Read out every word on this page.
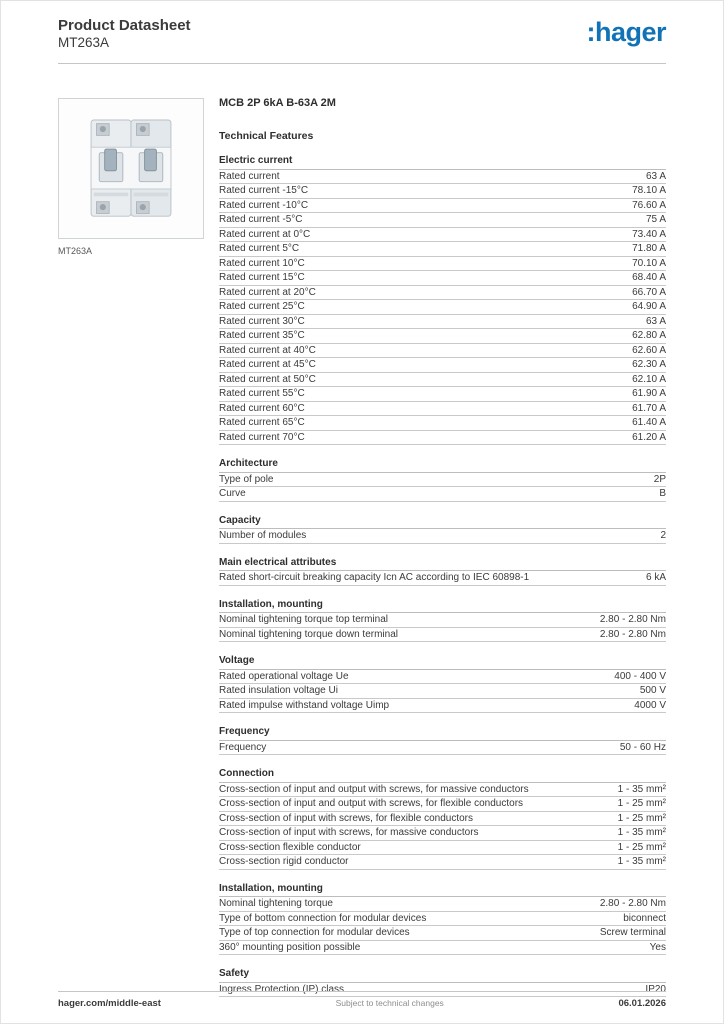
Product Datasheet
MT263A	:hager
MT263A
MCB 2P 6kA B-63A 2M
Technical Features
Electric current
Rated current	63 A
Rated current -15°C	78.10 A
Rated current -10°C	76.60 A
Rated current -5°C	75 A
Rated current at 0°C	73.40 A
Rated current 5°C	71.80 A
Rated current 10°C	70.10 A
Rated current 15°C	68.40 A
Rated current at 20°C	66.70 A
Rated current 25°C	64.90 A
Rated current 30°C	63 A
Rated current 35°C	62.80 A
Rated current at 40°C	62.60 A
Rated current at 45°C	62.30 A
Rated current at 50°C	62.10 A
Rated current 55°C	61.90 A
Rated current 60°C	61.70 A
Rated current 65°C	61.40 A
Rated current 70°C	61.20 A
Architecture
Type of pole	2P
Curve	B
Capacity
Number of modules	2
Main electrical attributes
Rated short-circuit breaking capacity Icn AC according to IEC 60898-1	6 kA
Installation, mounting
Nominal tightening torque top terminal	2.80 - 2.80 Nm
Nominal tightening torque down terminal	2.80 - 2.80 Nm
Voltage
Rated operational voltage Ue	400 - 400 V
Rated insulation voltage Ui	500 V
Rated impulse withstand voltage Uimp	4000 V
Frequency
Frequency	50 - 60 Hz
Connection
Cross-section of input and output with screws, for massive conductors	1 - 35 mm²
Cross-section of input and output with screws, for flexible conductors	1 - 25 mm²
Cross-section of input with screws, for flexible conductors	1 - 25 mm²
Cross-section of input with screws, for massive conductors	1 - 35 mm²
Cross-section flexible conductor	1 - 25 mm²
Cross-section rigid conductor	1 - 35 mm²
Installation, mounting
Nominal tightening torque	2.80 - 2.80 Nm
Type of bottom connection for modular devices	biconnect
Type of top connection for modular devices	Screw terminal
360° mounting position possible	Yes
Safety
Ingress Protection (IP) class	IP20
hager.com/middle-east	Subject to technical changes	06.01.2026
